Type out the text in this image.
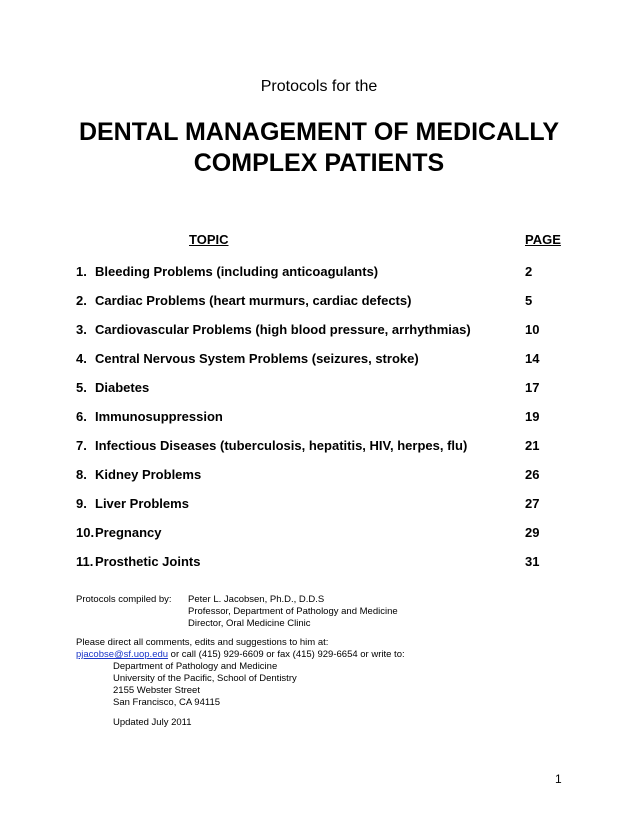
Protocols for the
DENTAL MANAGEMENT OF MEDICALLY
COMPLEX PATIENTS
TOPIC	PAGE
1. Bleeding Problems (including anticoagulants)	2
2. Cardiac Problems (heart murmurs, cardiac defects)	5
3. Cardiovascular Problems (high blood pressure, arrhythmias)	10
4. Central Nervous System Problems (seizures, stroke)	14
5. Diabetes	17
6. Immunosuppression	19
7. Infectious Diseases (tuberculosis, hepatitis, HIV, herpes, flu)	21
8. Kidney Problems	26
9. Liver Problems	27
10. Pregnancy	29
11. Prosthetic Joints	31
Protocols compiled by: Peter L. Jacobsen, Ph.D., D.D.S
Professor, Department of Pathology and Medicine
Director, Oral Medicine Clinic
Please direct all comments, edits and suggestions to him at:
pjacobse@sf.uop.edu or call (415) 929-6609 or fax (415) 929-6654 or write to:
Department of Pathology and Medicine
University of the Pacific, School of Dentistry
2155 Webster Street
San Francisco, CA 94115
Updated July 2011
1
